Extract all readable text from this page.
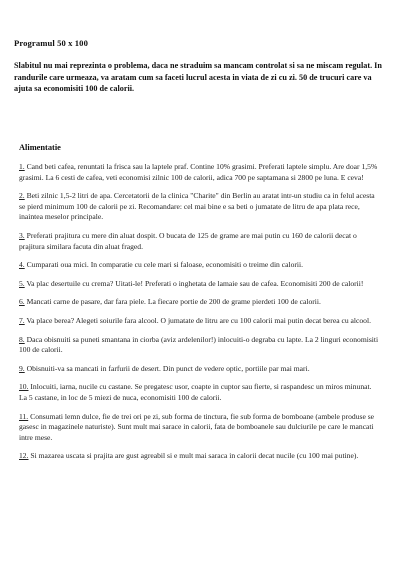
Programul 50 x 100
Slabitul nu mai reprezinta o problema, daca ne straduim sa mancam controlat si sa ne miscam regulat. In randurile care urmeaza, va aratam cum sa faceti lucrul acesta in viata de zi cu zi. 50 de trucuri care va ajuta sa economisiti 100 de calorii.
Alimentatie
1. Cand beti cafea, renuntati la frisca sau la laptele praf. Contine 10% grasimi. Preferati laptele simplu. Are doar 1,5% grasimi. La 6 cesti de cafea, veti economisi zilnic 100 de calorii, adica 700 pe saptamana si 2800 pe luna. E ceva!
2. Beti zilnic 1,5-2 litri de apa. Cercetatorii de la clinica "Charite" din Berlin au aratat intr-un studiu ca in felul acesta se pierd minimum 100 de calorii pe zi. Recomandare: cel mai bine e sa beti o jumatate de litru de apa plata rece, inaintea meselor principale.
3. Preferati prajitura cu mere din aluat dospit. O bucata de 125 de grame are mai putin cu 160 de calorii decat o prajitura similara facuta din aluat fraged.
4. Cumparati oua mici. In comparatie cu cele mari si faloase, economisiti o treime din calorii.
5. Va plac desertuile cu crema? Uitati-le! Preferati o inghetata de lamaie sau de cafea. Economisiti 200 de calorii!
6. Mancati carne de pasare, dar fara piele. La fiecare portie de 200 de grame pierdeti 100 de calorii.
7. Va place berea? Alegeti soiurile fara alcool. O jumatate de litru are cu 100 calorii mai putin decat berea cu alcool.
8. Daca obisnuiti sa puneti smantana in ciorba (aviz ardelenilor!) inlocuiti-o degraba cu lapte. La 2 linguri economisiti 100 de calorii.
9. Obisnuiti-va sa mancati in farfurii de desert. Din punct de vedere optic, portiile par mai mari.
10. Inlocuiti, iarna, nucile cu castane. Se pregatesc usor, coapte in cuptor sau fierte, si raspandesc un miros minunat. La 5 castane, in loc de 5 miezi de nuca, economisiti 100 de calorii.
11. Consumati lemn dulce, fie de trei ori pe zi, sub forma de tinctura, fie sub forma de bomboane (ambele produse se gasesc in magazinele naturiste). Sunt mult mai sarace in calorii, fata de bomboanele sau dulciurile pe care le mancati intre mese.
12. Si mazarea uscata si prajita are gust agreabil si e mult mai saraca in calorii decat nucile (cu 100 mai putine).
